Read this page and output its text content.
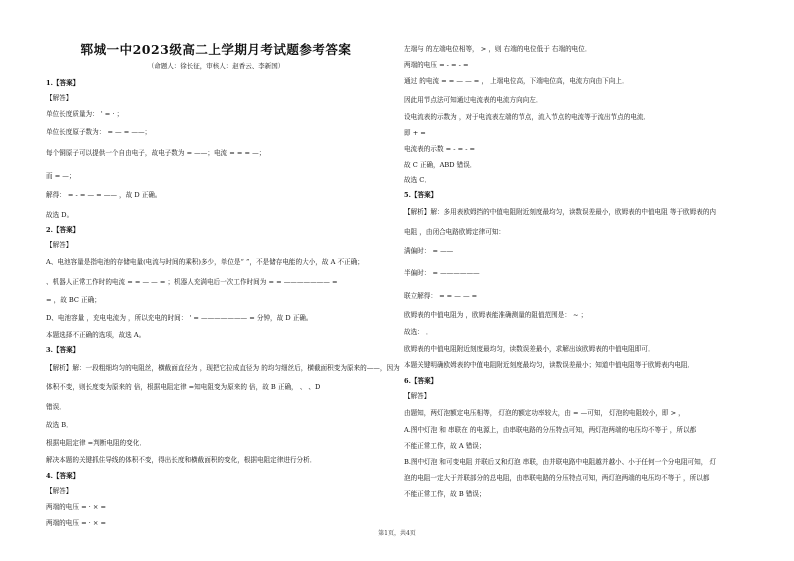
郓城一中2023级高二上学期月考试题参考答案
（命题人：徐长征，审核人：赵香云、李新国）
1.【答案】
【解答】
单位长度质量为： ' = · ；
单位长度原子数为： = — = ——；
每个铜原子可以提供一个自由电子，故电子数为 = ——；电流 = = = —；
而 = —；
解得： = - = — = —— ，故 D 正确。
故选 D。
2.【答案】
【解答】
A、电池容量是指电池的存储电量(电流与时间的乘积)多少，单位是“ ”，不是储存电能的大小，故 A 不正确；
、机器人正常工作时的电流 = = — — = ；机器人充满电后一次工作时间为 = = ——————— =
= ，故 BC 正确；
D、电池容量 ，充电电流为 ，所以充电的时间： ' = ——————— = 分钟，故 D 正确。
本题选择不正确的选项，故选 A。
3.【答案】
【解析】解：一段粗细均匀的电阻丝，横截面直径为 ，现把它拉成直径为 的均匀细丝后，横截面积变为原来的——，因为
体积不变，则长度变为原来的 倍，根据电阻定律 =知电阻变为原来的 倍，故 B 正确， 、 、D
错误．
故选 B．
根据电阻定律 =判断电阻的变化．
解决本题的关键抓住导线的体积不变，得出长度和横截面积的变化，根据电阻定律进行分析．
4.【答案】
【解答】
两端的电压 = · × =
两端的电压 = · × =
左端与 的左端电位相等， > ，则 右端的电位低于 右端的电位．
两端的电压 = - = - =
通过 的电流 = = — — = ， 上端电位高，下端电位高，电流方向由下向上．
因此用节点法可知通过电流表的电流方向向左．
设电流表的示数为 ，对于电流表左端的节点，流入节点的电流等于流出节点的电流．
即 + =
电流表的示数 = - = - =
故 C 正确，ABD 错误．
故选 C．
5.【答案】
【解析】解：多用表欧姆挡的中值电阻附近刻度最均匀，读数误差最小，欧姆表的中值电阻 等于欧姆表的内
电阻 ，由闭合电路欧姆定律可知：
满偏时： = ——
半偏时： = ——————
联立解得： = = — — =
欧姆表的中值电阻为 ，欧姆表能准确测量的阻值范围是： ~ ；
故选： ．
欧姆表的中值电阻附近刻度最均匀，读数误差最小，求解出该欧姆表的中值电阻即可．
本题关键明确欧姆表的中值电阻附近刻度最均匀，读数误差最小；知道中值电阻等于欧姆表内电阻．
6.【答案】
【解答】
由题知，两灯泡额定电压相等， 灯泡的额定功率较大，由 = —可知， 灯泡的电阻较小，即 > ，
A.图中灯泡 和 串联在 的电源上，由串联电路的分压特点可知，两灯泡两端的电压均不等于 ，所以都
不能正常工作，故 A 错误；
B.图中灯泡 和可变电阻 并联后又和灯泡 串联，由并联电路中电阻越并越小、小于任何一个分电阻可知， 灯
泡的电阻一定大于并联部分的总电阻，由串联电路的分压特点可知，两灯泡两端的电压均不等于 ，所以都
不能正常工作，故 B 错误；
第1页，共4页
